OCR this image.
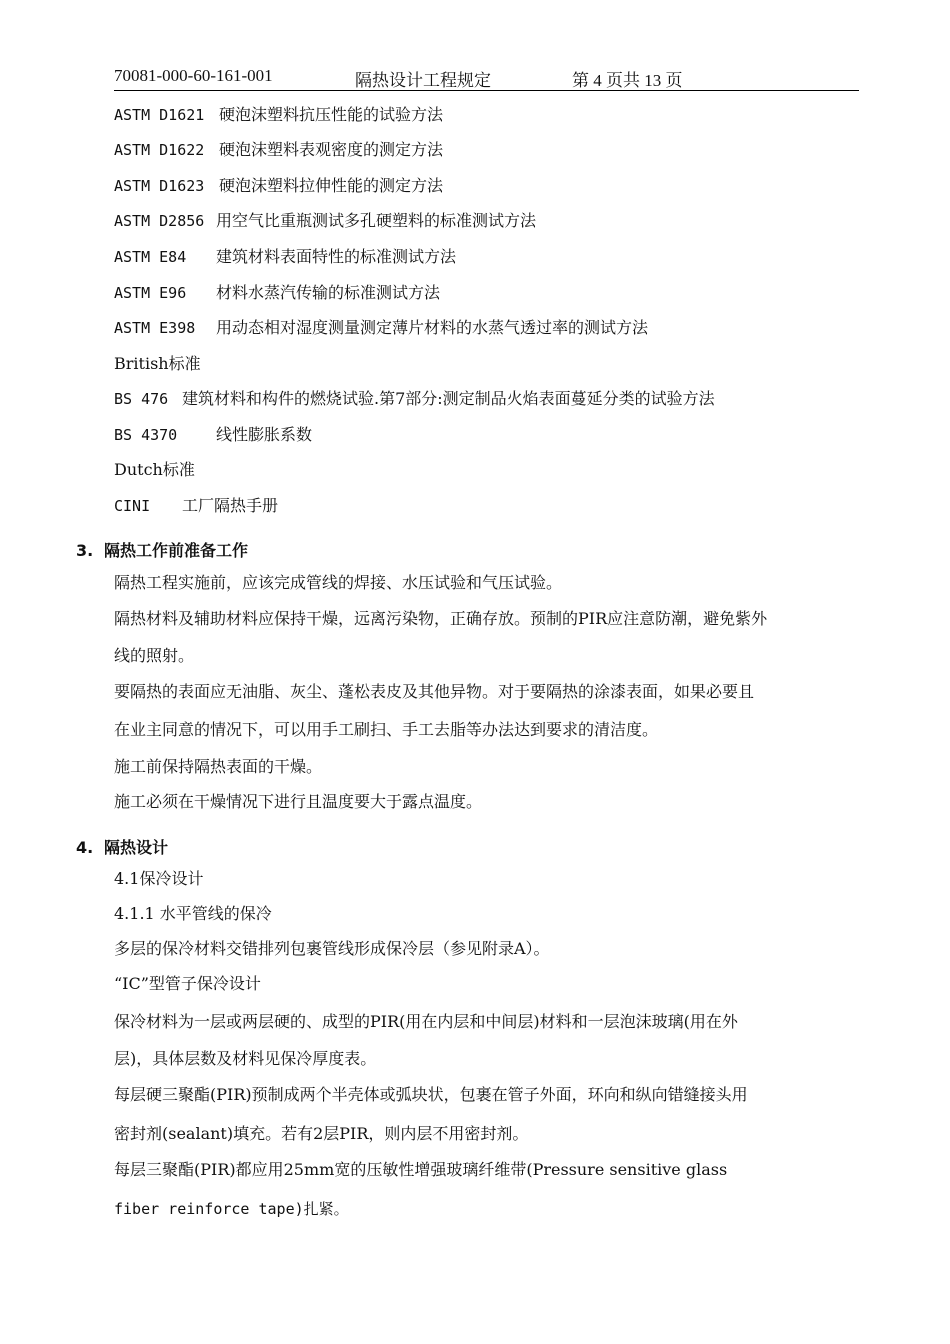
70081-000-60-161-001	隔热设计工程规定	第 4 页共 13 页
ASTM D1621 硬泡沫塑料抗压性能的试验方法
ASTM D1622 硬泡沫塑料表观密度的测定方法
ASTM D1623 硬泡沫塑料拉伸性能的测定方法
ASTM D2856 用空气比重瓶测试多孔硬塑料的标准测试方法
ASTM E84 建筑材料表面特性的标准测试方法
ASTM E96 材料水蒸汽传输的标准测试方法
ASTM E398 用动态相对湿度测量测定薄片材料的水蒸气透过率的测试方法
British标准
BS 476 建筑材料和构件的燃烧试验.第7部分:测定制品火焰表面蔓延分类的试验方法
BS 4370 线性膨胀系数
Dutch标准
CINI 工厂隔热手册
3. 隔热工作前准备工作
隔热工程实施前，应该完成管线的焊接、水压试验和气压试验。
隔热材料及辅助材料应保持干燥，远离污染物，正确存放。预制的PIR应注意防潮，避免紫外
线的照射。
要隔热的表面应无油脂、灰尘、蓬松表皮及其他异物。对于要隔热的涂漆表面，如果必要且
在业主同意的情况下，可以用手工刷扫、手工去脂等办法达到要求的清洁度。
施工前保持隔热表面的干燥。
施工必须在干燥情况下进行且温度要大于露点温度。
4. 隔热设计
4.1保冷设计
4.1.1 水平管线的保冷
多层的保冷材料交错排列包裹管线形成保冷层（参见附录A）。
“IC”型管子保冷设计
保冷材料为一层或两层硬的、成型的PIR(用在内层和中间层)材料和一层泡沫玻璃(用在外
层)，具体层数及材料见保冷厚度表。
每层硬三聚酯(PIR)预制成两个半壳体或弧块状，包裹在管子外面，环向和纵向错缝接头用
密封剂(sealant)填充。若有2层PIR，则内层不用密封剂。
每层三聚酯(PIR)都应用25mm宽的压敏性增强玻璃纤维带(Pressure sensitive glass
fiber reinforce tape)扎紧。
